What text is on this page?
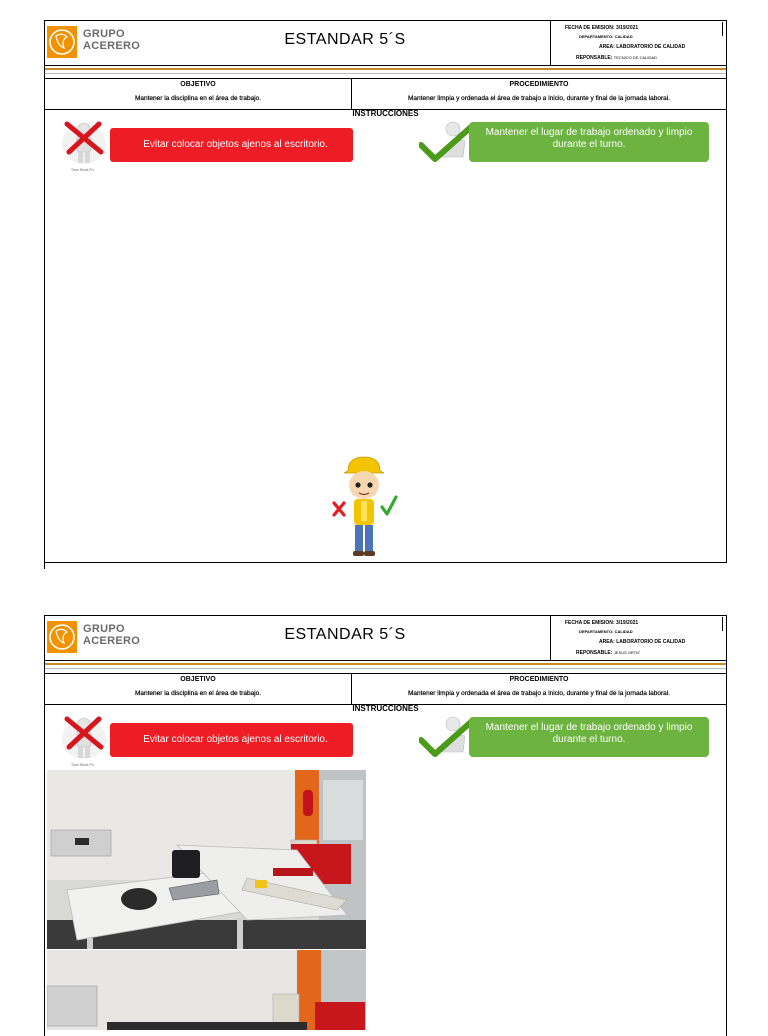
GRUPO
ACERERO	ESTANDAR 5´S
FECHA DE EMISION: 3/19/2021
DEPARTAMENTO: CALIDAD
AREA: LABORATORIO DE CALIDAD
REPONSABLE: TECNICO DE CALIDAD
OBJETIVO
Mantener la disciplina en el área de trabajo.
PROCEDIMIENTO
Mantener limpia y ordenada el área de trabajo a inicio, durante y final de la jornada laboral.
INSTRUCCIONES
Time Stock Ph
Evitar colocar objetos ajenos al escritorio.
Mantener el lugar de trabajo ordenado y limpio durante el turno.
GRUPO
ACERERO	ESTANDAR 5´S
FECHA DE EMISION: 3/19/2021
DEPARTAMENTO: CALIDAD
AREA: LABORATORIO DE CALIDAD
REPONSABLE: JESUS ORTIZ
OBJETIVO
Mantener la disciplina en el área de trabajo.
PROCEDIMIENTO
Mantener limpia y ordenada el área de trabajo a inicio, durante y final de la jornada laboral.
INSTRUCCIONES
Time Stock Ph
Evitar colocar objetos ajenos al escritorio.
Mantener el lugar de trabajo ordenado y limpio durante el turno.
